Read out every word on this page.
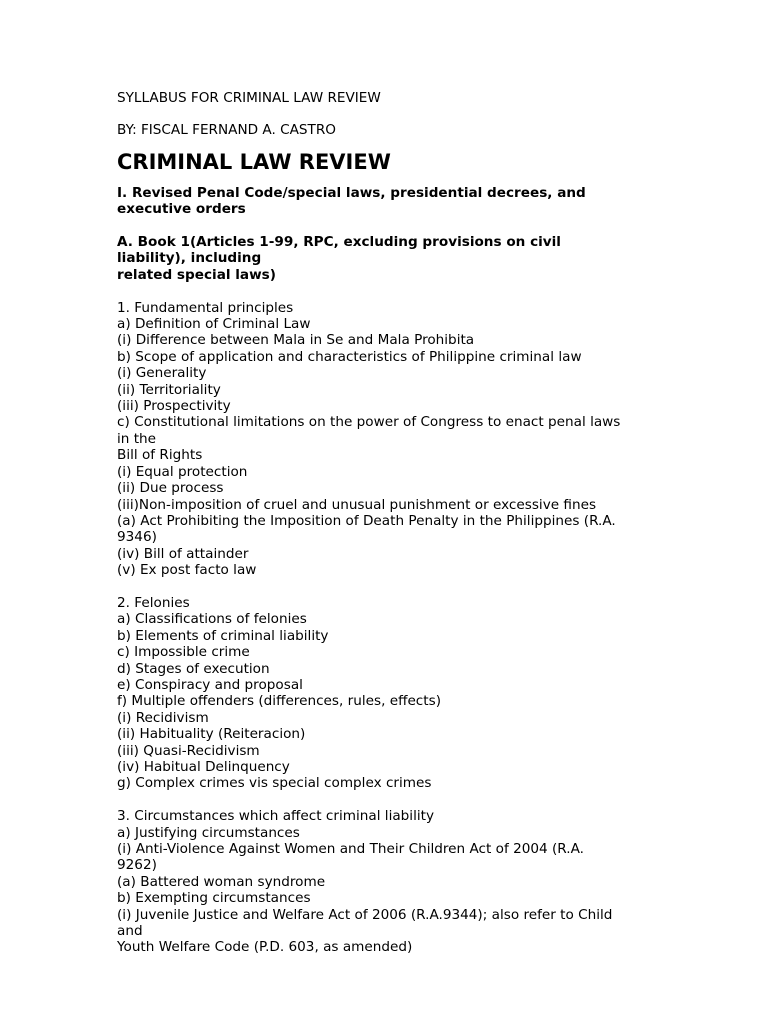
SYLLABUS FOR CRIMINAL LAW REVIEW
BY: FISCAL FERNAND A. CASTRO
CRIMINAL LAW REVIEW
I. Revised Penal Code/special laws, presidential decrees, and
executive orders
A. Book 1(Articles 1-99, RPC, excluding provisions on civil
liability), including
related special laws)
1. Fundamental principles
a) Definition of Criminal Law
(i) Difference between Mala in Se and Mala Prohibita
b) Scope of application and characteristics of Philippine criminal law
(i) Generality
(ii) Territoriality
(iii) Prospectivity
c) Constitutional limitations on the power of Congress to enact penal laws
in the
Bill of Rights
(i) Equal protection
(ii) Due process
(iii)Non-imposition of cruel and unusual punishment or excessive fines
(a) Act Prohibiting the Imposition of Death Penalty in the Philippines (R.A.
9346)
(iv) Bill of attainder
(v) Ex post facto law
2. Felonies
a) Classifications of felonies
b) Elements of criminal liability
c) Impossible crime
d) Stages of execution
e) Conspiracy and proposal
f) Multiple offenders (differences, rules, effects)
(i) Recidivism
(ii) Habituality (Reiteracion)
(iii) Quasi-Recidivism
(iv) Habitual Delinquency
g) Complex crimes vis special complex crimes
3. Circumstances which affect criminal liability
a) Justifying circumstances
(i) Anti-Violence Against Women and Their Children Act of 2004 (R.A.
9262)
(a) Battered woman syndrome
b) Exempting circumstances
(i) Juvenile Justice and Welfare Act of 2006 (R.A.9344); also refer to Child
and
Youth Welfare Code (P.D. 603, as amended)
